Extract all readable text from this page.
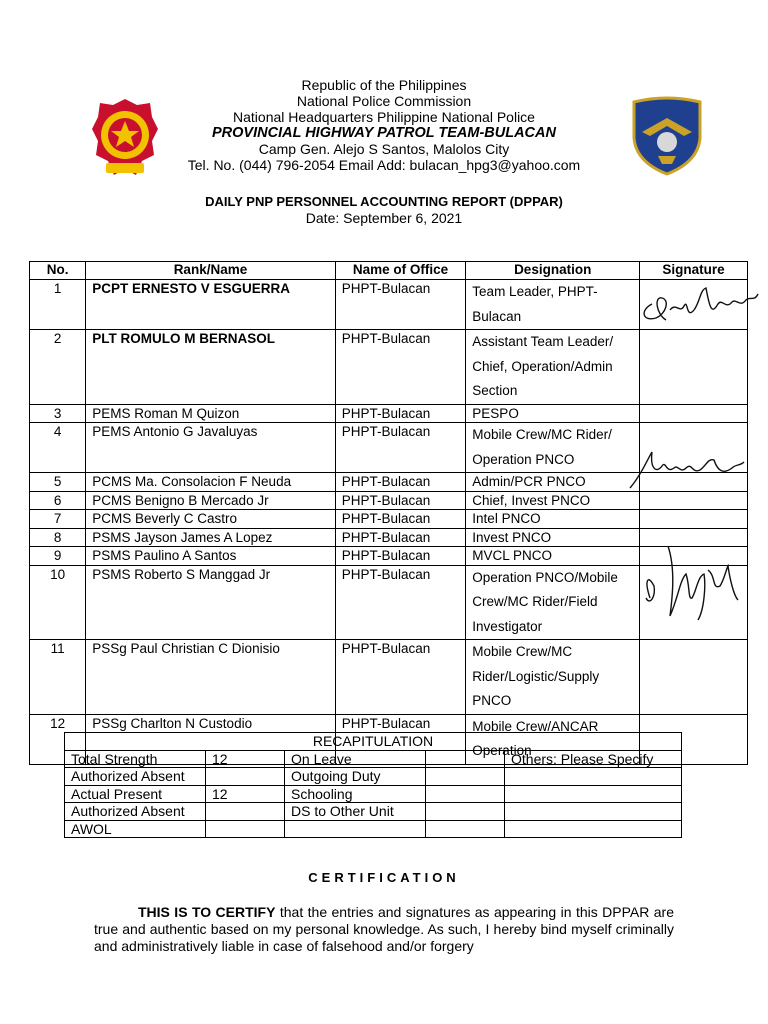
Republic of the Philippines
National Police Commission
National Headquarters Philippine National Police
PROVINCIAL HIGHWAY PATROL TEAM-BULACAN
Camp Gen. Alejo S Santos, Malolos City
Tel. No. (044) 796-2054 Email Add: bulacan_hpg3@yahoo.com
DAILY PNP PERSONNEL ACCOUNTING REPORT (DPPAR)
Date: September 6, 2021
No.	Rank/Name	Name of Office	Designation	Signature
1	PCPT ERNESTO V ESGUERRA	PHPT-Bulacan	Team Leader, PHPT-Bulacan	
2	PLT ROMULO M BERNASOL	PHPT-Bulacan	Assistant Team Leader/ Chief, Operation/Admin Section	
3	PEMS Roman M Quizon	PHPT-Bulacan	PESPO	
4	PEMS Antonio G Javaluyas	PHPT-Bulacan	Mobile Crew/MC Rider/ Operation PNCO	
5	PCMS Ma. Consolacion F Neuda	PHPT-Bulacan	Admin/PCR PNCO	
6	PCMS Benigno B Mercado Jr	PHPT-Bulacan	Chief, Invest PNCO	
7	PCMS Beverly C Castro	PHPT-Bulacan	Intel PNCO	
8	PSMS Jayson James A Lopez	PHPT-Bulacan	Invest PNCO	
9	PSMS Paulino A Santos	PHPT-Bulacan	MVCL PNCO	
10	PSMS Roberto S Manggad Jr	PHPT-Bulacan	Operation PNCO/Mobile Crew/MC Rider/Field Investigator	
11	PSSg Paul Christian C Dionisio	PHPT-Bulacan	Mobile Crew/MC Rider/Logistic/Supply PNCO	
12	PSSg Charlton N Custodio	PHPT-Bulacan	Mobile Crew/ANCAR Operation	
RECAPITULATION				
Total Strength	12	On Leave		Others: Please Specify
Authorized Absent		Outgoing Duty		
Actual Present	12	Schooling		
Authorized Absent		DS to Other Unit		
AWOL				
CERTIFICATION
THIS IS TO CERTIFY that the entries and signatures as appearing in this DPPAR are true and authentic based on my personal knowledge. As such, I hereby bind myself criminally and administratively liable in case of falsehood and/or forgery
